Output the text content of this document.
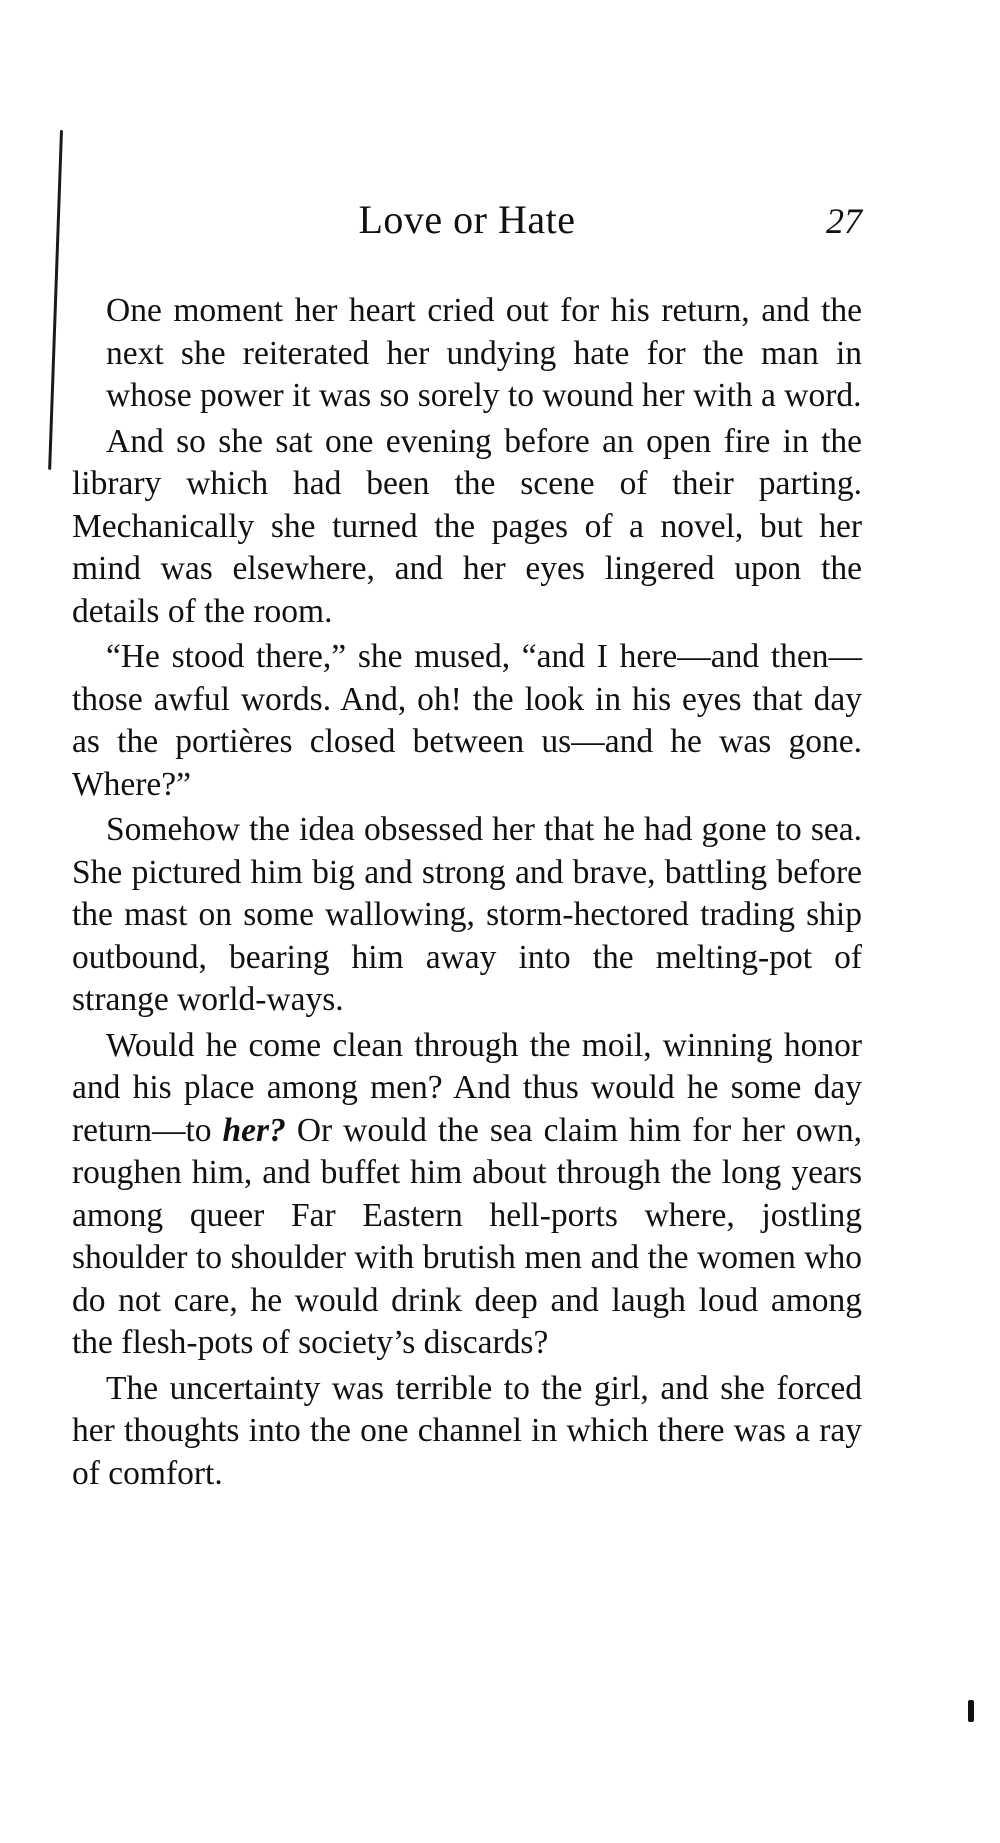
Love or Hate	27

One moment her heart cried out for his return, and the next she reiterated her undying hate for the man in whose power it was so sorely to wound her with a word.

And so she sat one evening before an open fire in the library which had been the scene of their parting. Mechanically she turned the pages of a novel, but her mind was elsewhere, and her eyes lingered upon the details of the room.

“He stood there,” she mused, “and I here—and then—those awful words. And, oh! the look in his eyes that day as the portières closed between us—and he was gone. Where?”

Somehow the idea obsessed her that he had gone to sea. She pictured him big and strong and brave, battling before the mast on some wallowing, storm-hectored trading ship outbound, bearing him away into the melting-pot of strange world-ways.

Would he come clean through the moil, winning honor and his place among men? And thus would he some day return—to her? Or would the sea claim him for her own, roughen him, and buffet him about through the long years among queer Far Eastern hell-ports where, jostling shoulder to shoulder with brutish men and the women who do not care, he would drink deep and laugh loud among the flesh-pots of society’s discards?

The uncertainty was terrible to the girl, and she forced her thoughts into the one channel in which there was a ray of comfort.
